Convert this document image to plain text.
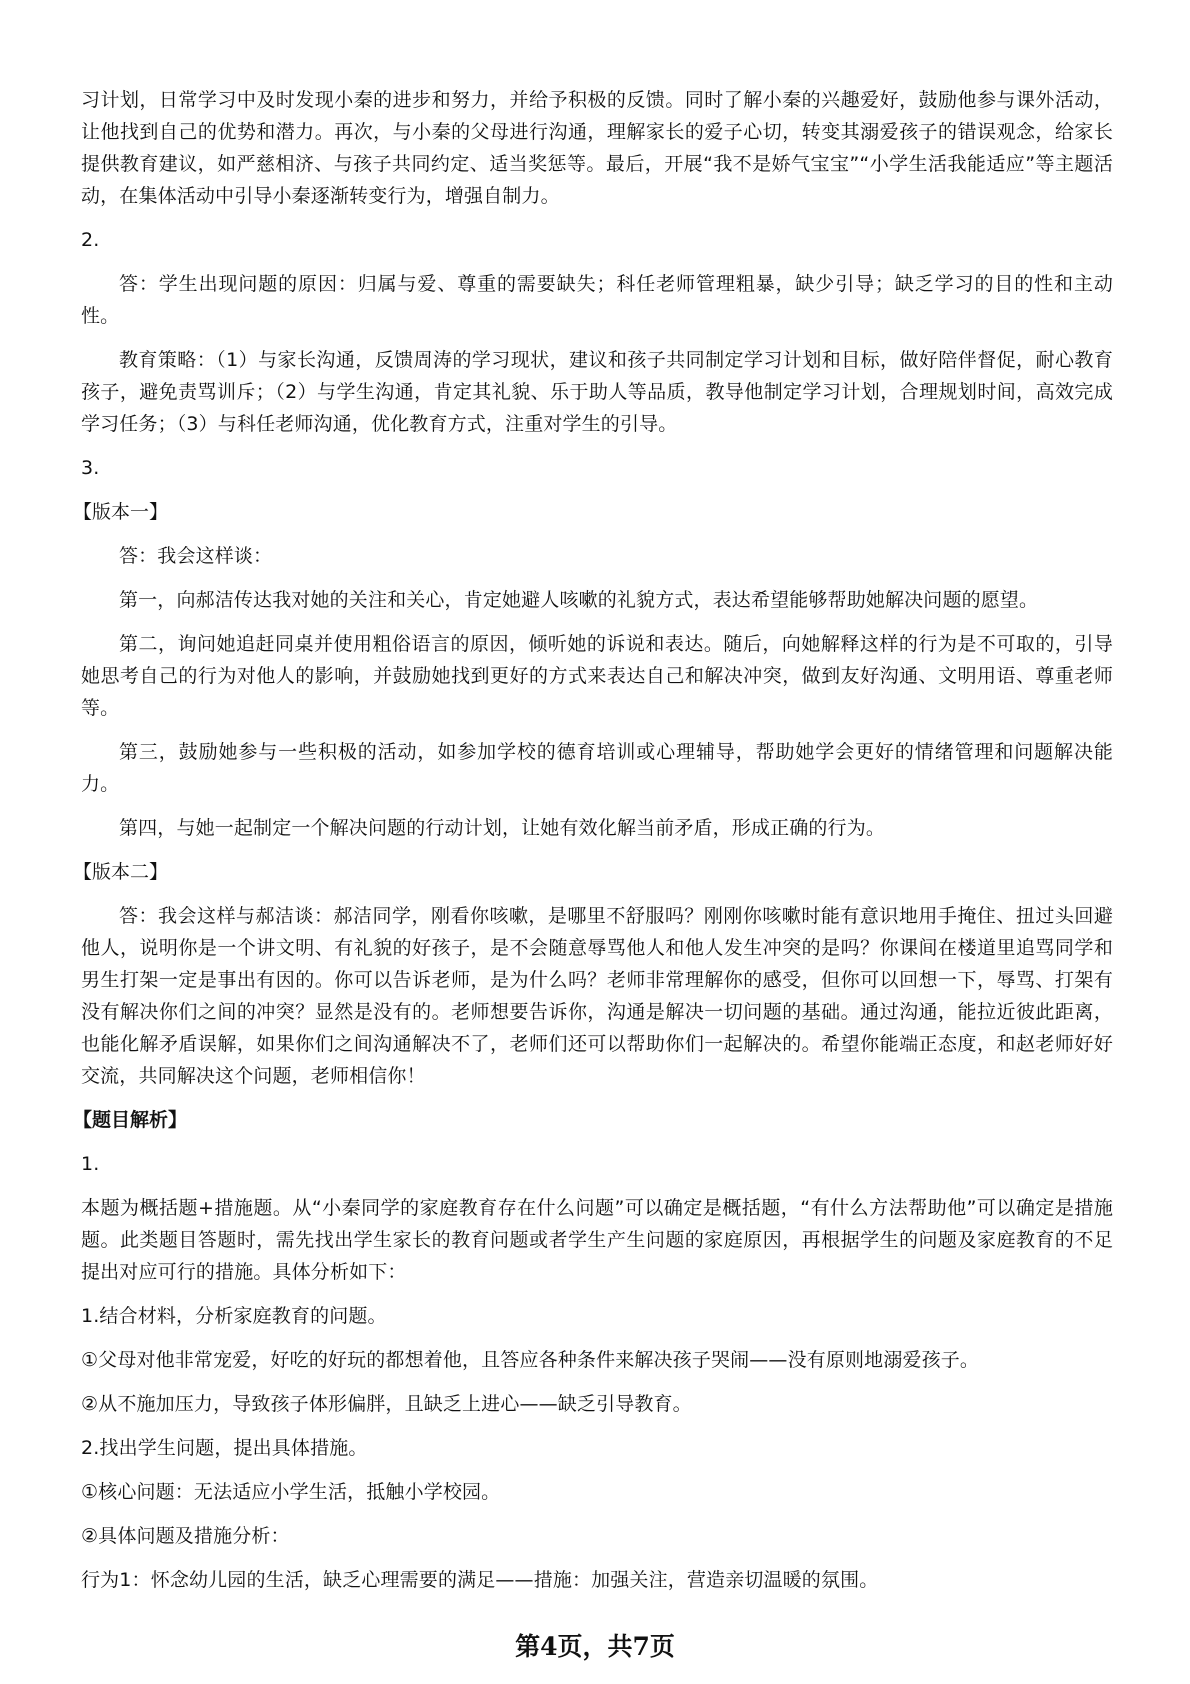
习计划，日常学习中及时发现小秦的进步和努力，并给予积极的反馈。同时了解小秦的兴趣爱好，鼓励他参与课外活动，让他找到自己的优势和潜力。再次，与小秦的父母进行沟通，理解家长的爱子心切，转变其溺爱孩子的错误观念，给家长提供教育建议，如严慈相济、与孩子共同约定、适当奖惩等。最后，开展“我不是娇气宝宝”“小学生活我能适应”等主题活动，在集体活动中引导小秦逐渐转变行为，增强自制力。

2.

答：学生出现问题的原因：归属与爱、尊重的需要缺失；科任老师管理粗暴，缺少引导；缺乏学习的目的性和主动性。

教育策略：（1）与家长沟通，反馈周涛的学习现状，建议和孩子共同制定学习计划和目标，做好陪伴督促，耐心教育孩子，避免责骂训斥；（2）与学生沟通，肯定其礼貌、乐于助人等品质，教导他制定学习计划，合理规划时间，高效完成学习任务；（3）与科任老师沟通，优化教育方式，注重对学生的引导。

3.

【版本一】

答：我会这样谈：

第一，向郝洁传达我对她的关注和关心，肯定她避人咳嗽的礼貌方式，表达希望能够帮助她解决问题的愿望。

第二，询问她追赶同桌并使用粗俗语言的原因，倾听她的诉说和表达。随后，向她解释这样的行为是不可取的，引导她思考自己的行为对他人的影响，并鼓励她找到更好的方式来表达自己和解决冲突，做到友好沟通、文明用语、尊重老师等。

第三，鼓励她参与一些积极的活动，如参加学校的德育培训或心理辅导，帮助她学会更好的情绪管理和问题解决能力。

第四，与她一起制定一个解决问题的行动计划，让她有效化解当前矛盾，形成正确的行为。

【版本二】

答：我会这样与郝洁谈：郝洁同学，刚看你咳嗽，是哪里不舒服吗？刚刚你咳嗽时能有意识地用手掩住、扭过头回避他人，说明你是一个讲文明、有礼貌的好孩子，是不会随意辱骂他人和他人发生冲突的是吗？你课间在楼道里追骂同学和男生打架一定是事出有因的。你可以告诉老师，是为什么吗？老师非常理解你的感受，但你可以回想一下，辱骂、打架有没有解决你们之间的冲突？显然是没有的。老师想要告诉你，沟通是解决一切问题的基础。通过沟通，能拉近彼此距离，也能化解矛盾误解，如果你们之间沟通解决不了，老师们还可以帮助你们一起解决的。希望你能端正态度，和赵老师好好交流，共同解决这个问题，老师相信你！

【题目解析】

1.

本题为概括题+措施题。从“小秦同学的家庭教育存在什么问题”可以确定是概括题，“有什么方法帮助他”可以确定是措施题。此类题目答题时，需先找出学生家长的教育问题或者学生产生问题的家庭原因，再根据学生的问题及家庭教育的不足提出对应可行的措施。具体分析如下：

1.结合材料，分析家庭教育的问题。

①父母对他非常宠爱，好吃的好玩的都想着他，且答应各种条件来解决孩子哭闹——没有原则地溺爱孩子。

②从不施加压力，导致孩子体形偏胖，且缺乏上进心——缺乏引导教育。

2.找出学生问题，提出具体措施。

①核心问题：无法适应小学生活，抵触小学校园。

②具体问题及措施分析：

行为1：怀念幼儿园的生活，缺乏心理需要的满足——措施：加强关注，营造亲切温暖的氛围。

第4页，共7页
